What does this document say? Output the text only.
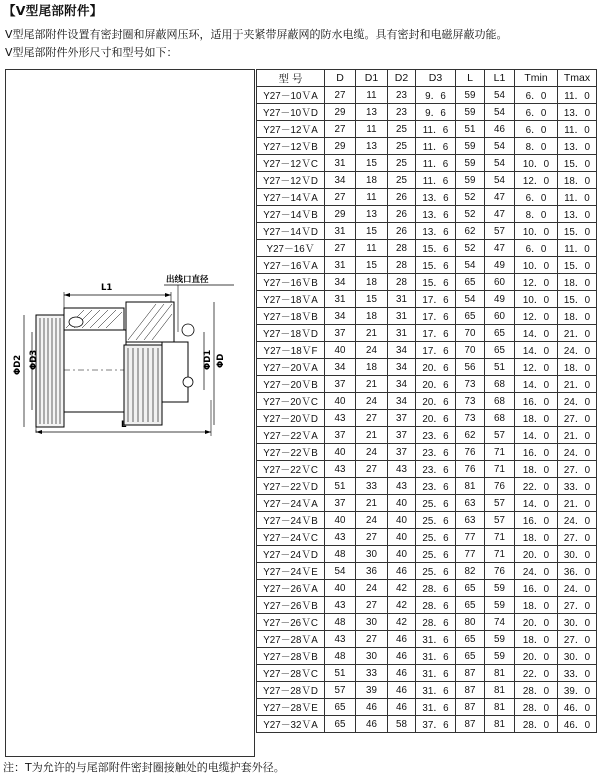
【V型尾部附件】
V型尾部附件设置有密封圈和屏蔽网压环，适用于夹紧带屏蔽网的防水电缆。具有密封和电磁屏蔽功能。
V型尾部附件外形尺寸和型号如下：
出线口直径
L1
ΦD2 ΦD3	ΦD1 ΦD
L
型 号	D	D1	D2	D3	L	L1	Tmin	Tmax
Y27－10ＶA	27	11	23	9．6	59	54	6．0	11．0
Y27－10ＶD	29	13	23	9．6	59	54	6．0	13．0
Y27－12ＶA	27	11	25	11．6	51	46	6．0	11．0
Y27－12ＶB	29	13	25	11．6	59	54	8．0	13．0
Y27－12ＶC	31	15	25	11．6	59	54	10．0	15．0
Y27－12ＶD	34	18	25	11．6	59	54	12．0	18．0
Y27－14ＶA	27	11	26	13．6	52	47	6．0	11．0
Y27－14ＶB	29	13	26	13．6	52	47	8．0	13．0
Y27－14ＶD	31	15	26	13．6	62	57	10．0	15．0
Y27－16Ｖ	27	11	28	15．6	52	47	6．0	11．0
Y27－16ＶA	31	15	28	15．6	54	49	10．0	15．0
Y27－16ＶB	34	18	28	15．6	65	60	12．0	18．0
Y27－18ＶA	31	15	31	17．6	54	49	10．0	15．0
Y27－18ＶB	34	18	31	17．6	65	60	12．0	18．0
Y27－18ＶD	37	21	31	17．6	70	65	14．0	21．0
Y27－18ＶF	40	24	34	17．6	70	65	14．0	24．0
Y27－20ＶA	34	18	34	20．6	56	51	12．0	18．0
Y27－20ＶB	37	21	34	20．6	73	68	14．0	21．0
Y27－20ＶC	40	24	34	20．6	73	68	16．0	24．0
Y27－20ＶD	43	27	37	20．6	73	68	18．0	27．0
Y27－22ＶA	37	21	37	23．6	62	57	14．0	21．0
Y27－22ＶB	40	24	37	23．6	76	71	16．0	24．0
Y27－22ＶC	43	27	43	23．6	76	71	18．0	27．0
Y27－22ＶD	51	33	43	23．6	81	76	22．0	33．0
Y27－24ＶA	37	21	40	25．6	63	57	14．0	21．0
Y27－24ＶB	40	24	40	25．6	63	57	16．0	24．0
Y27－24ＶC	43	27	40	25．6	77	71	18．0	27．0
Y27－24ＶD	48	30	40	25．6	77	71	20．0	30．0
Y27－24ＶE	54	36	46	25．6	82	76	24．0	36．0
Y27－26ＶA	40	24	42	28．6	65	59	16．0	24．0
Y27－26ＶB	43	27	42	28．6	65	59	18．0	27．0
Y27－26ＶC	48	30	42	28．6	80	74	20．0	30．0
Y27－28ＶA	43	27	46	31．6	65	59	18．0	27．0
Y27－28ＶB	48	30	46	31．6	65	59	20．0	30．0
Y27－28ＶC	51	33	46	31．6	87	81	22．0	33．0
Y27－28ＶD	57	39	46	31．6	87	81	28．0	39．0
Y27－28ＶE	65	46	46	31．6	87	81	28．0	46．0
Y27－32ＶA	65	46	58	37．6	87	81	28．0	46．0
注：T为允许的与尾部附件密封圈接触处的电缆护套外径。
